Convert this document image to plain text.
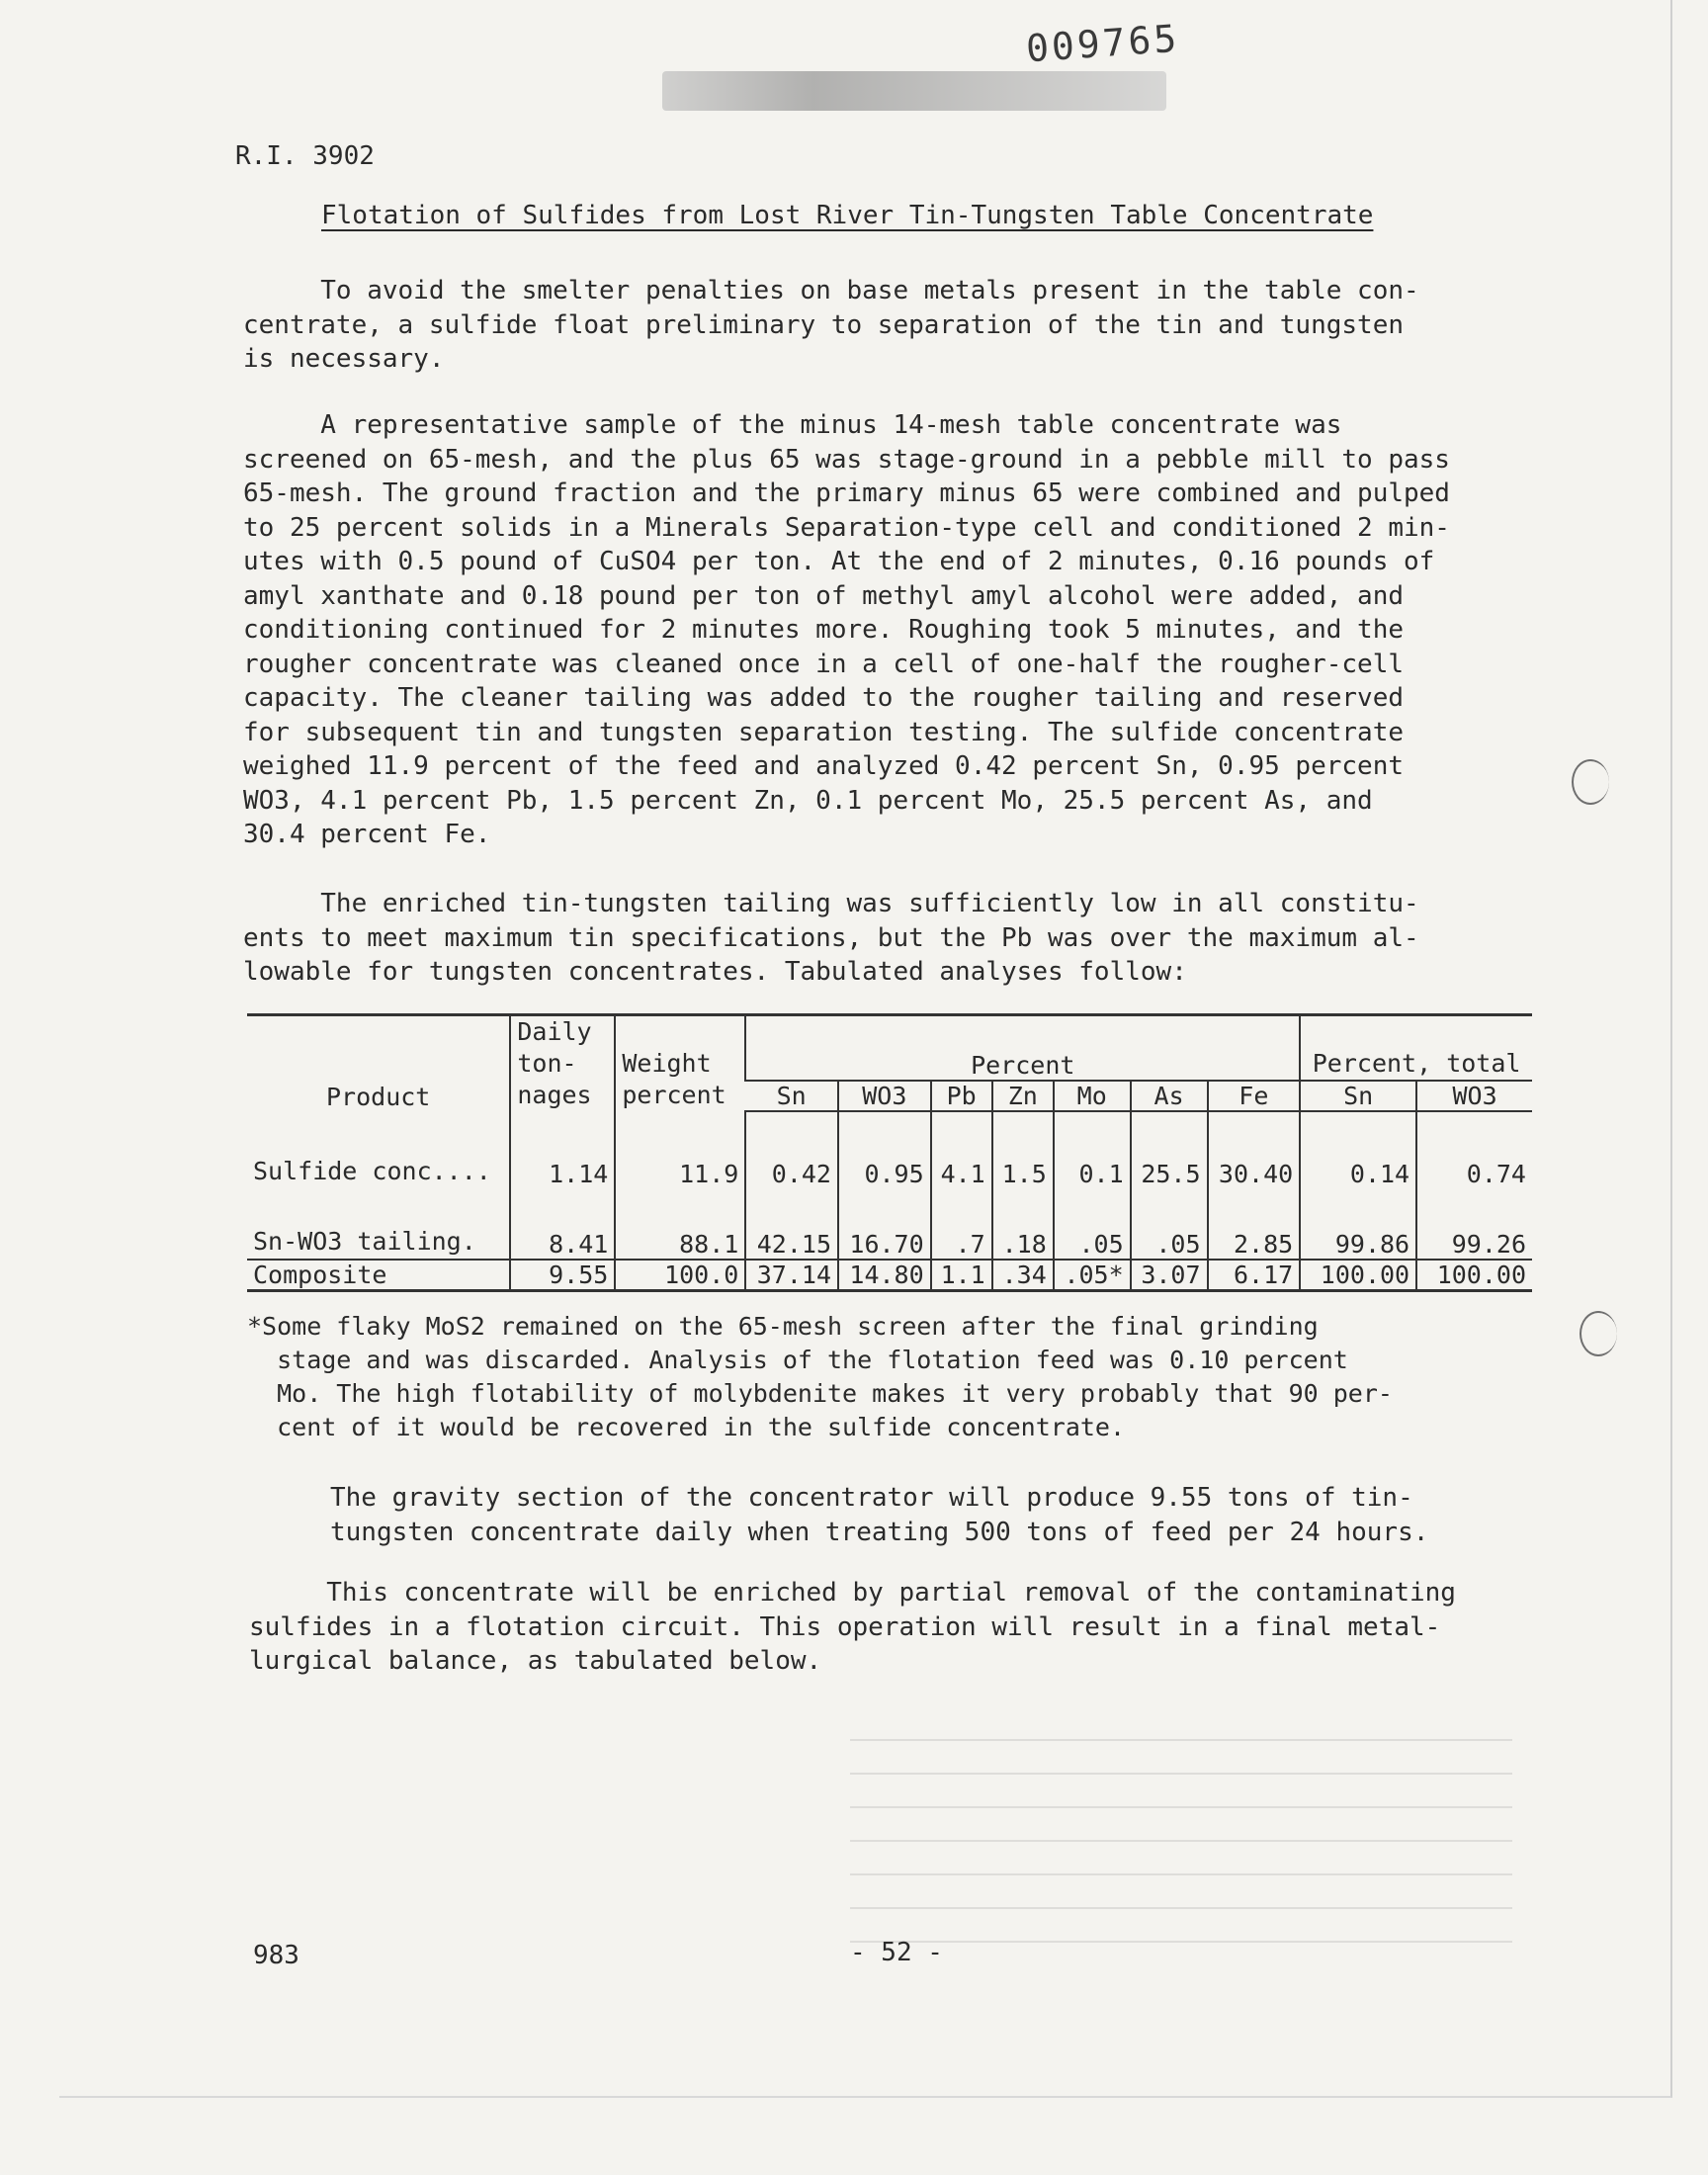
009765
R.I. 3902
Flotation of Sulfides from Lost River Tin-Tungsten Table Concentrate
To avoid the smelter penalties on base metals present in the table con-
centrate, a sulfide float preliminary to separation of the tin and tungsten
is necessary.
A representative sample of the minus 14-mesh table concentrate was
screened on 65-mesh, and the plus 65 was stage-ground in a pebble mill to pass
65-mesh. The ground fraction and the primary minus 65 were combined and pulped
to 25 percent solids in a Minerals Separation-type cell and conditioned 2 min-
utes with 0.5 pound of CuSO4 per ton. At the end of 2 minutes, 0.16 pounds of
amyl xanthate and 0.18 pound per ton of methyl amyl alcohol were added, and
conditioning continued for 2 minutes more. Roughing took 5 minutes, and the
rougher concentrate was cleaned once in a cell of one-half the rougher-cell
capacity. The cleaner tailing was added to the rougher tailing and reserved
for subsequent tin and tungsten separation testing. The sulfide concentrate
weighed 11.9 percent of the feed and analyzed 0.42 percent Sn, 0.95 percent
WO3, 4.1 percent Pb, 1.5 percent Zn, 0.1 percent Mo, 25.5 percent As, and
30.4 percent Fe.
The enriched tin-tungsten tailing was sufficiently low in all constitu-
ents to meet maximum tin specifications, but the Pb was over the maximum al-
lowable for tungsten concentrates. Tabulated analyses follow:
Product	Daily ton- nages	Weight percent	Percent							Percent, total	
			Sn	WO3	Pb	Zn	Mo	As	Fe	Sn	WO3
Sulfide conc....	1.14	11.9	0.42	0.95	4.1	1.5	0.1	25.5	30.40	0.14	0.74
Sn-WO3 tailing.	8.41	88.1	42.15	16.70	.7	.18	.05	.05	2.85	99.86	99.26
Composite	9.55	100.0	37.14	14.80	1.1	.34	.05*	3.07	6.17	100.00	100.00
*Some flaky MoS2 remained on the 65-mesh screen after the final grinding
stage and was discarded. Analysis of the flotation feed was 0.10 percent
Mo. The high flotability of molybdenite makes it very probably that 90 per-
cent of it would be recovered in the sulfide concentrate.
The gravity section of the concentrator will produce 9.55 tons of tin-
tungsten concentrate daily when treating 500 tons of feed per 24 hours.
This concentrate will be enriched by partial removal of the contaminating
sulfides in a flotation circuit. This operation will result in a final metal-
lurgical balance, as tabulated below.
983	- 52 -
